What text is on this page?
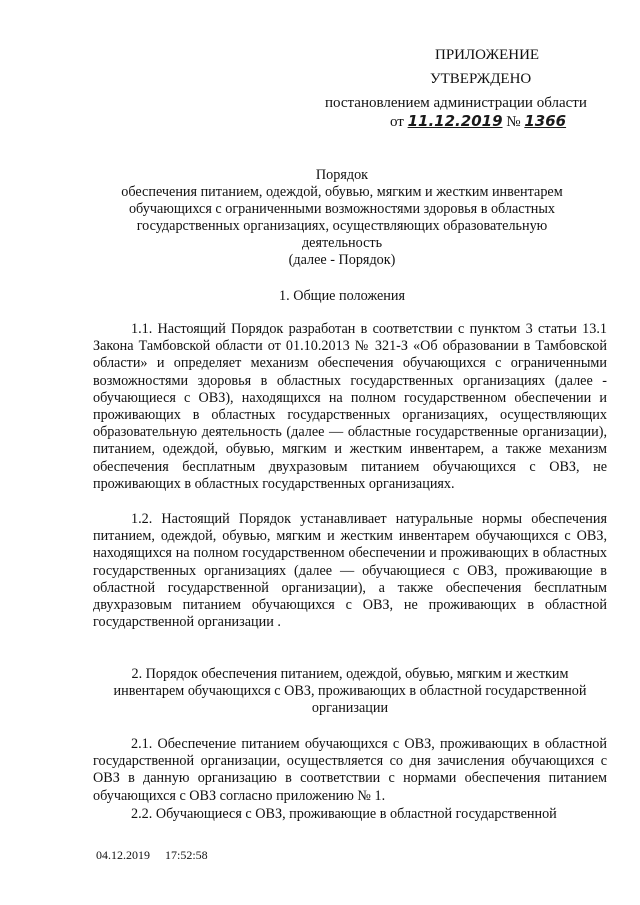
ПРИЛОЖЕНИЕ
УТВЕРЖДЕНО
постановлением администрации области
от 11.12.2019 № 1366
Порядок
обеспечения питанием, одеждой, обувью, мягким и жестким инвентарем
обучающихся с ограниченными возможностями здоровья в областных
государственных организациях, осуществляющих образовательную
деятельность
(далее - Порядок)
1. Общие положения
1.1. Настоящий Порядок разработан в соответствии с пунктом 3 статьи 13.1 Закона Тамбовской области от 01.10.2013 № 321-З «Об образовании в Тамбовской области» и определяет механизм обеспечения обучающихся с ограниченными возможностями здоровья в областных государственных организациях (далее - обучающиеся с ОВЗ), находящихся на полном государственном обеспечении и проживающих в областных государственных организациях, осуществляющих образовательную деятельность (далее — областные государственные организации), питанием, одеждой, обувью, мягким и жестким инвентарем, а также механизм обеспечения бесплатным двухразовым питанием обучающихся с ОВЗ, не проживающих в областных государственных организациях.
1.2. Настоящий Порядок устанавливает натуральные нормы обеспечения питанием, одеждой, обувью, мягким и жестким инвентарем обучающихся с ОВЗ, находящихся на полном государственном обеспечении и проживающих в областных государственных организациях (далее — обучающиеся с ОВЗ, проживающие в областной государственной организации), а также обеспечения бесплатным двухразовым питанием обучающихся с ОВЗ, не проживающих в областной государственной организации .
2. Порядок обеспечения питанием, одеждой, обувью, мягким и жестким
инвентарем обучающихся с ОВЗ, проживающих в областной государственной
организации
2.1. Обеспечение питанием обучающихся с ОВЗ, проживающих в областной государственной организации, осуществляется со дня зачисления обучающихся с ОВЗ в данную организацию в соответствии с нормами обеспечения питанием обучающихся с ОВЗ согласно приложению № 1.
2.2. Обучающиеся с ОВЗ, проживающие в областной государственной
04.12.2019 17:52:58
